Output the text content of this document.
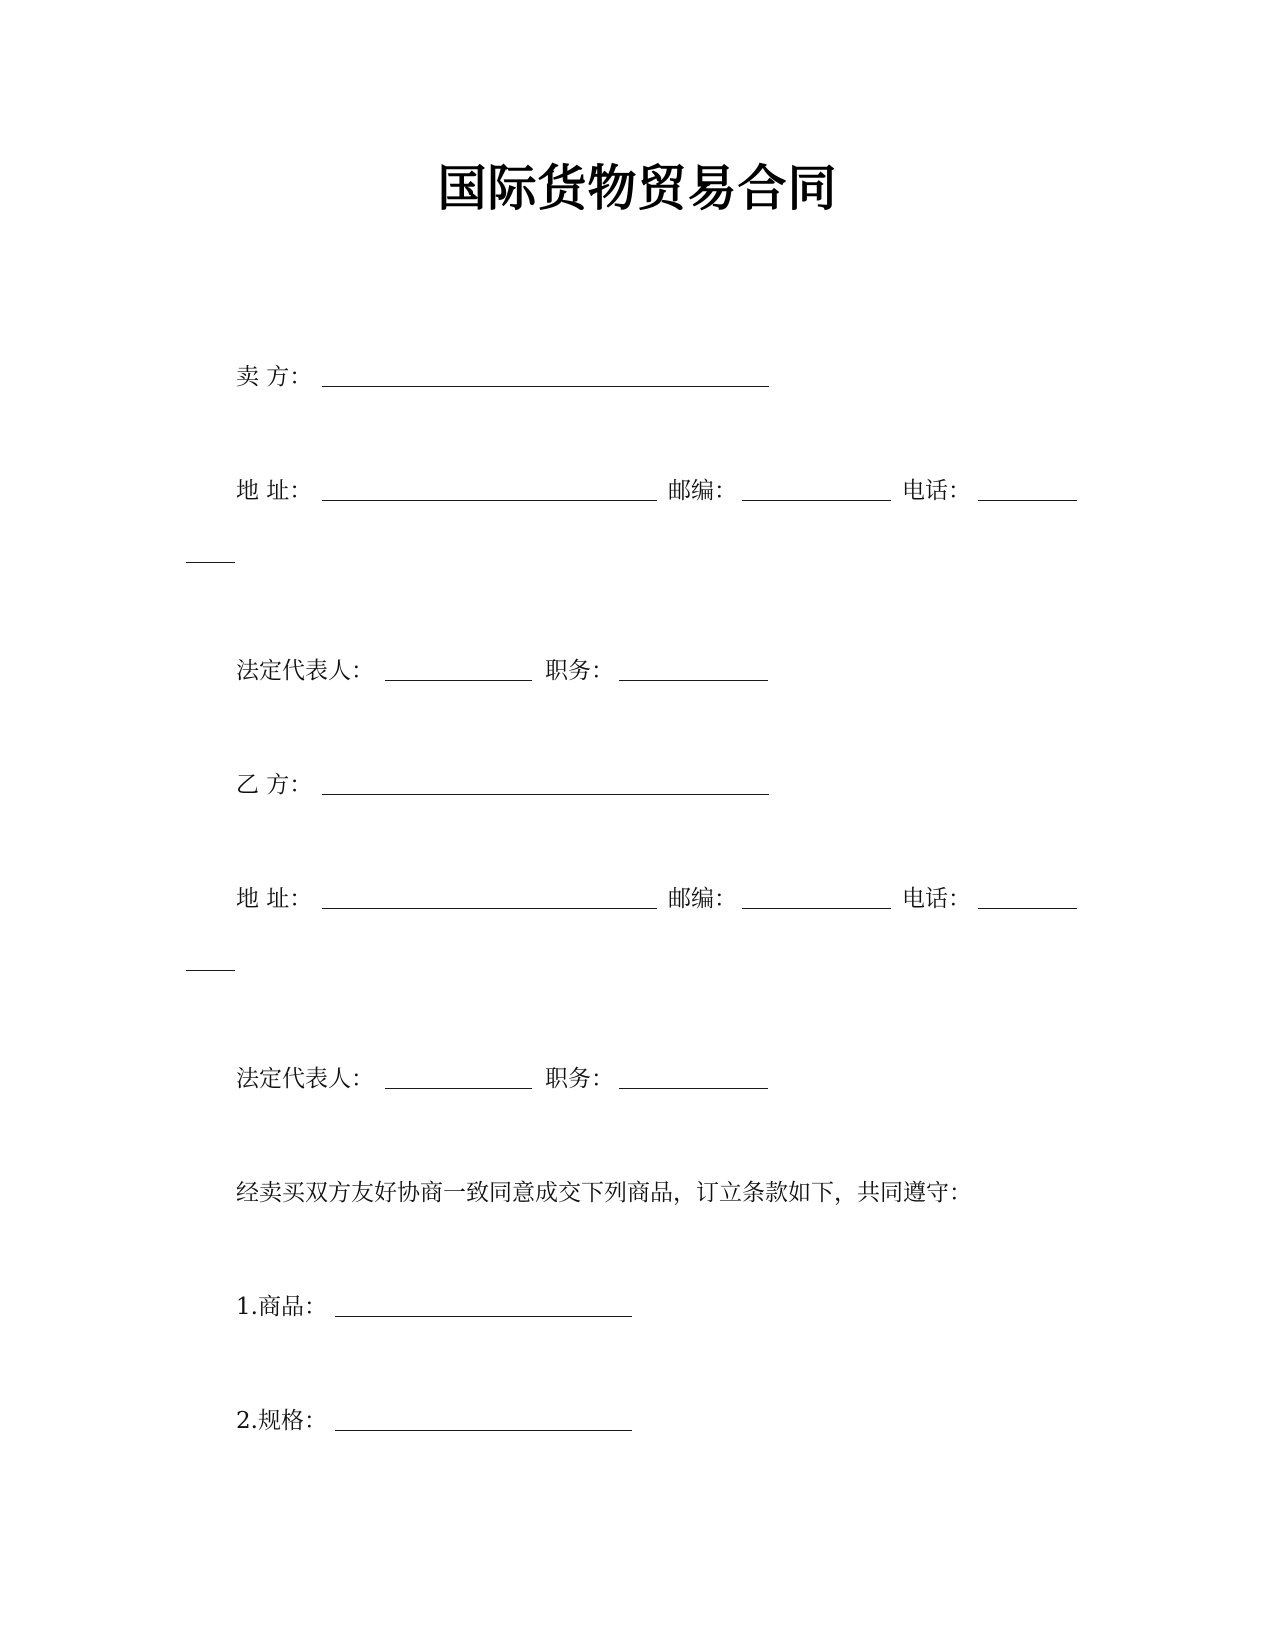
国际货物贸易合同
卖 方：
地 址：	邮编：	电话：
法定代表人：	职务：
乙 方：
地 址：	邮编：	电话：
法定代表人：	职务：
经卖买双方友好协商一致同意成交下列商品，订立条款如下，共同遵守：
1.商品：
2.规格：
